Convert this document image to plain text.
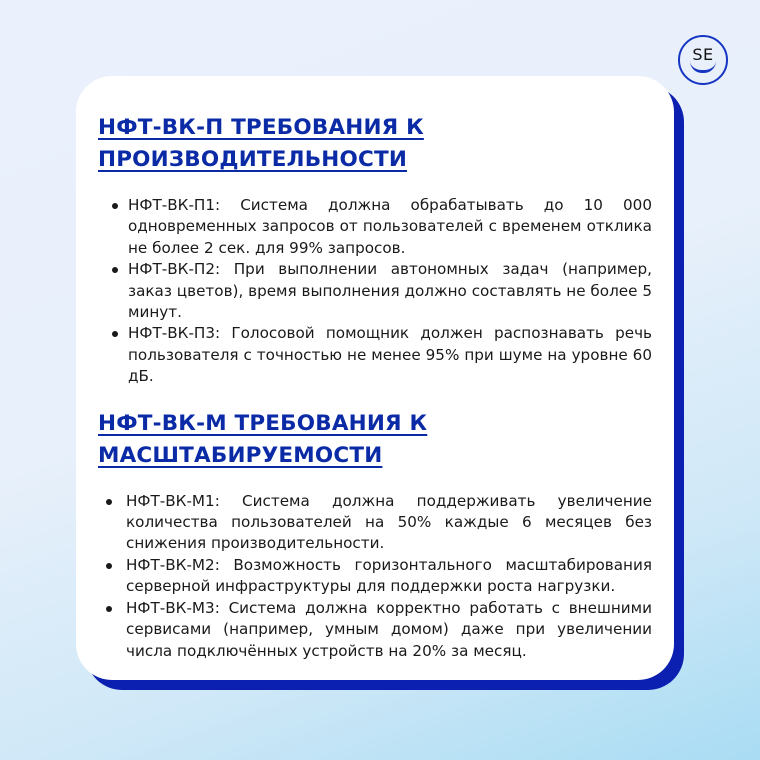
SE
НФТ-ВК-П ТРЕБОВАНИЯ К ПРОИЗВОДИТЕЛЬНОСТИ
НФТ-ВК-П1: Система должна обрабатывать до 10 000 одновременных запросов от пользователей с временем отклика не более 2 сек. для 99% запросов.
НФТ-ВК-П2: При выполнении автономных задач (например, заказ цветов), время выполнения должно составлять не более 5 минут.
НФТ-ВК-П3: Голосовой помощник должен распознавать речь пользователя с точностью не менее 95% при шуме на уровне 60 дБ.
НФТ-ВК-М ТРЕБОВАНИЯ К МАСШТАБИРУЕМОСТИ
НФТ-ВК-М1: Система должна поддерживать увеличение количества пользователей на 50% каждые 6 месяцев без снижения производительности.
НФТ-ВК-М2: Возможность горизонтального масштабирования серверной инфраструктуры для поддержки роста нагрузки.
НФТ-ВК-М3: Система должна корректно работать с внешними сервисами (например, умным домом) даже при увеличении числа подключённых устройств на 20% за месяц.
